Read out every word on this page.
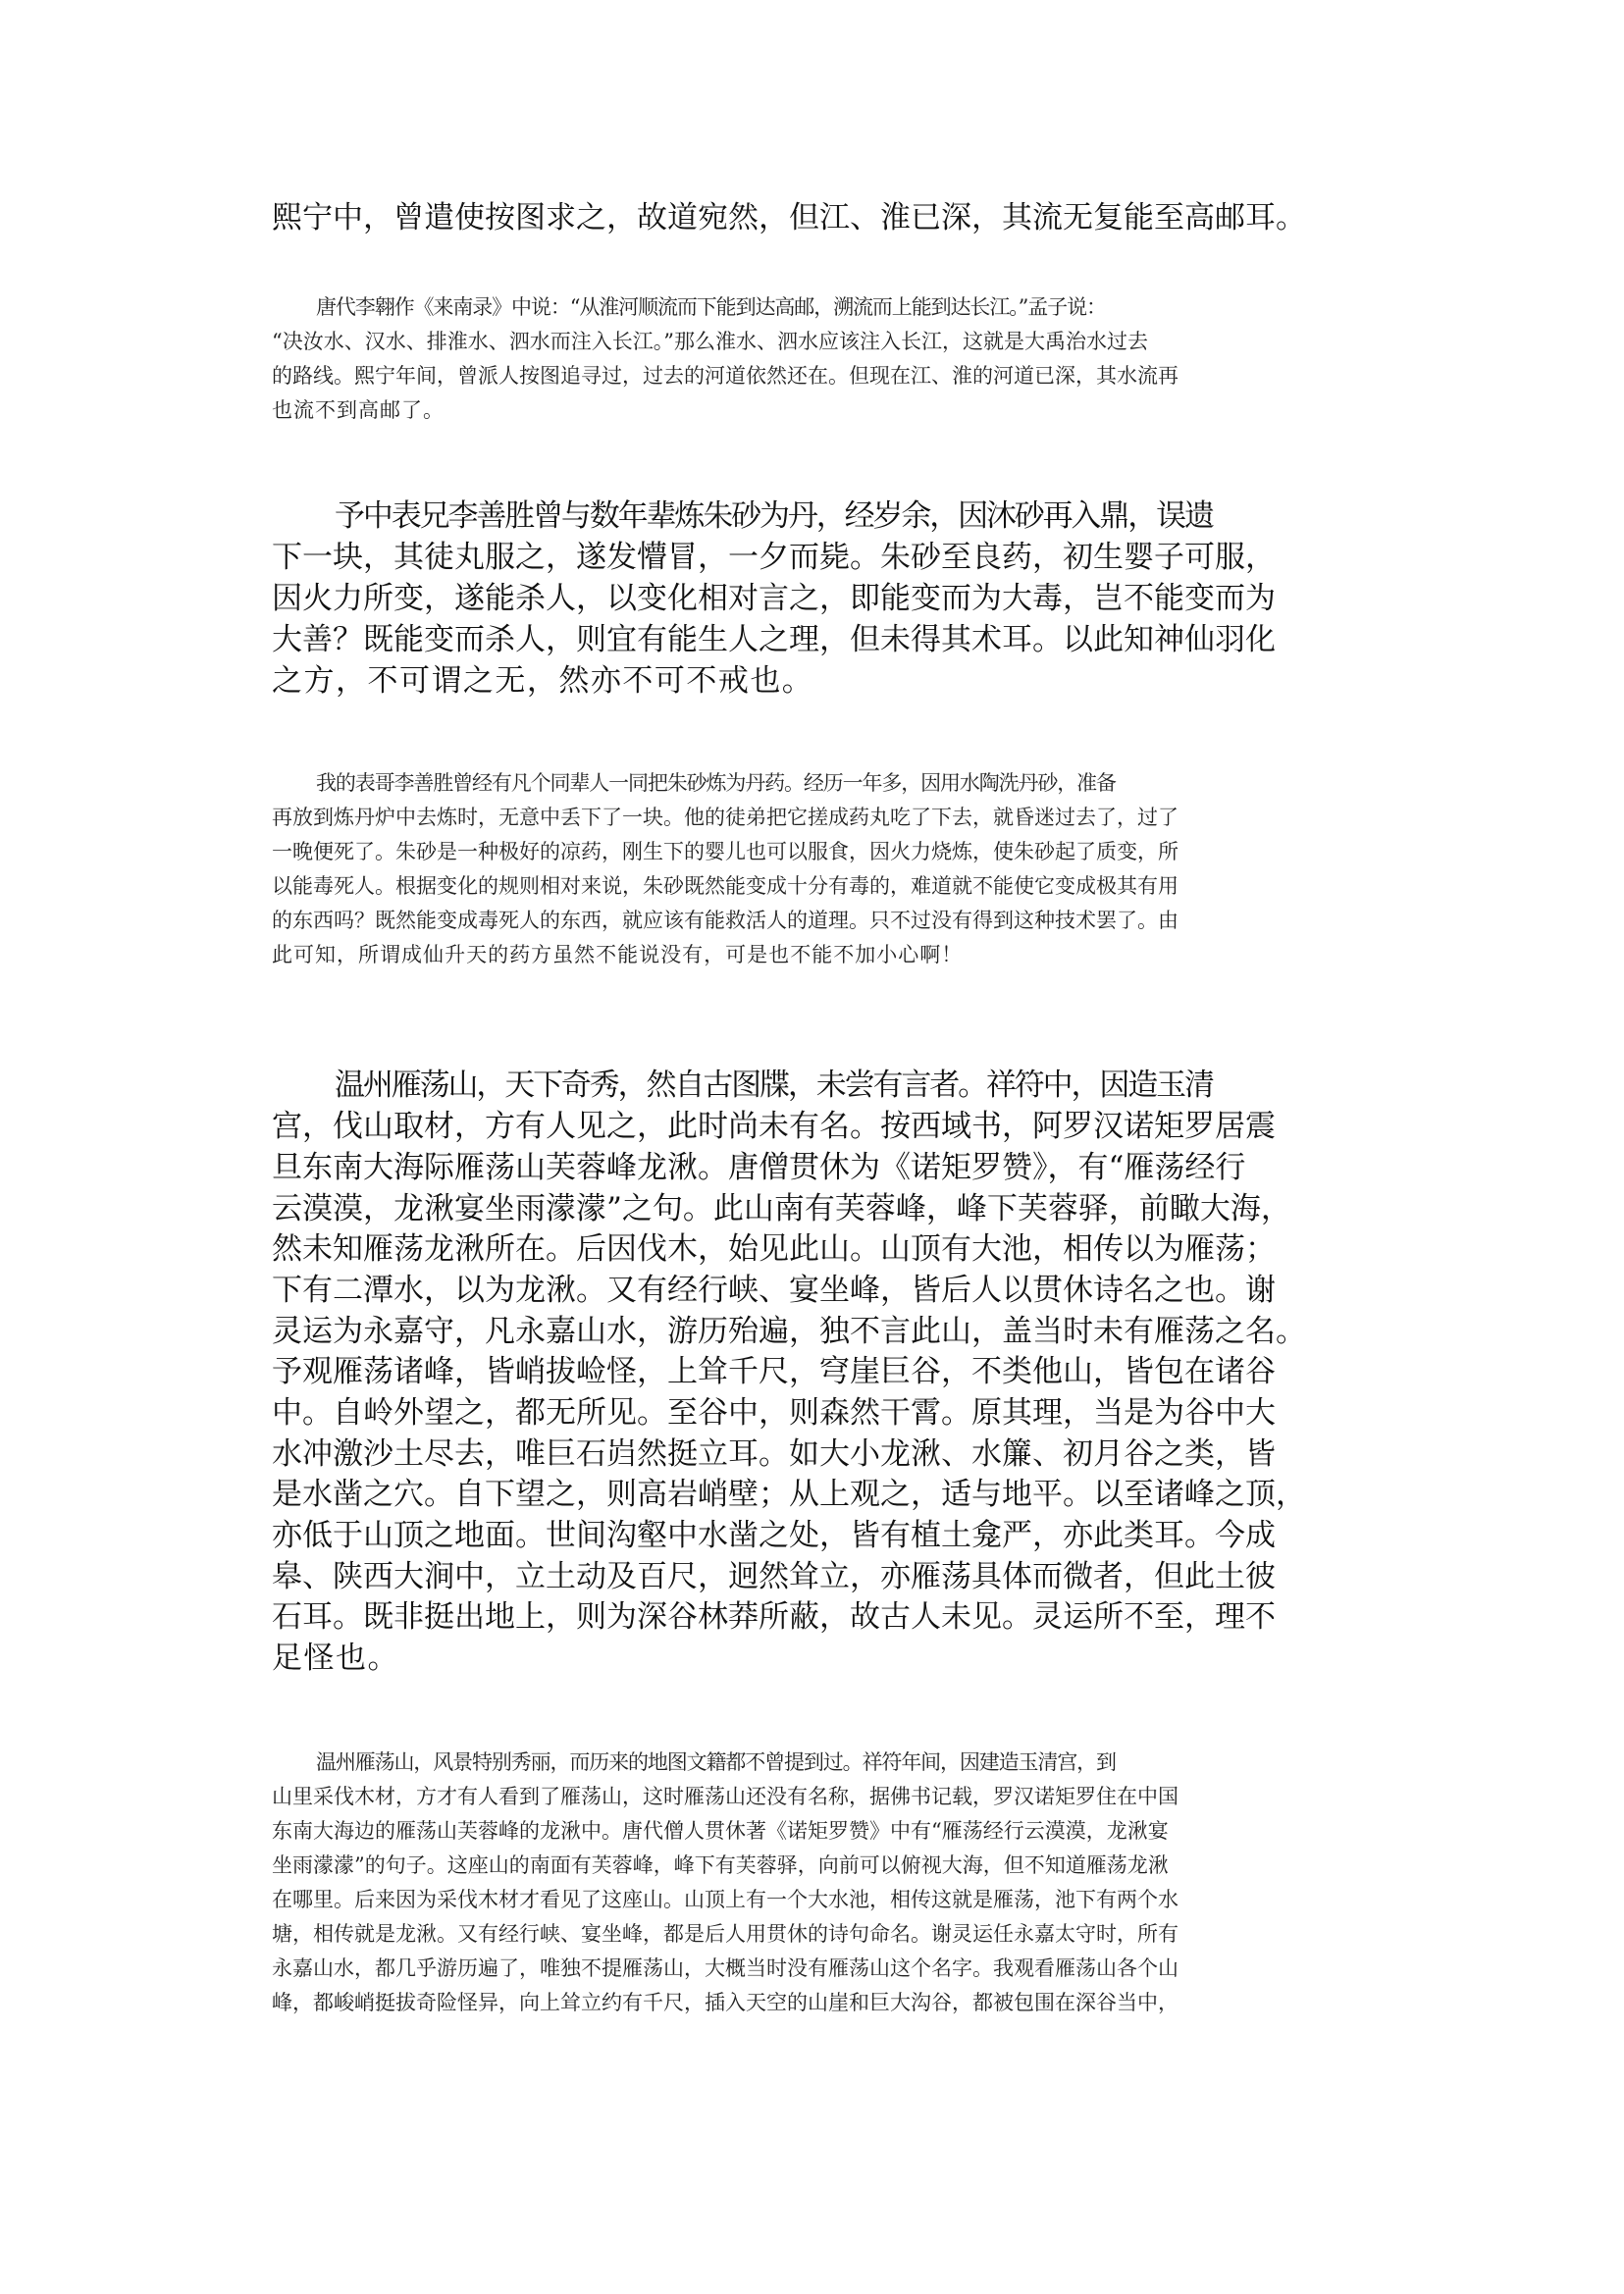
熙宁中，曾遣使按图求之，故道宛然，但江、淮已深，其流无复能至高邮耳。
唐代李翱作《来南录》中说：“从淮河顺流而下能到达高邮，溯流而上能到达长江。”孟子说：
“决汝水、汉水、排淮水、泗水而注入长江。”那么淮水、泗水应该注入长江，这就是大禹治水过去
的路线。熙宁年间，曾派人按图追寻过，过去的河道依然还在。但现在江、淮的河道已深，其水流再
也流不到高邮了。
予中表兄李善胜曾与数年辈炼朱砂为丹，经岁余，因沐砂再入鼎，误遗
下一块，其徒丸服之，遂发懵冒，一夕而毙。朱砂至良药，初生婴子可服，
因火力所变，遂能杀人，以变化相对言之，即能变而为大毒，岂不能变而为
大善？既能变而杀人，则宜有能生人之理，但未得其术耳。以此知神仙羽化
之方，不可谓之无，然亦不可不戒也。
我的表哥李善胜曾经有凡个同辈人一同把朱砂炼为丹药。经历一年多，因用水陶洗丹砂，准备
再放到炼丹炉中去炼时，无意中丢下了一块。他的徒弟把它搓成药丸吃了下去，就昏迷过去了，过了
一晚便死了。朱砂是一种极好的凉药，刚生下的婴儿也可以服食，因火力烧炼，使朱砂起了质变，所
以能毒死人。根据变化的规则相对来说，朱砂既然能变成十分有毒的，难道就不能使它变成极其有用
的东西吗？既然能变成毒死人的东西，就应该有能救活人的道理。只不过没有得到这种技术罢了。由
此可知，所谓成仙升天的药方虽然不能说没有，可是也不能不加小心啊！
温州雁荡山，天下奇秀，然自古图牒，未尝有言者。祥符中，因造玉清
宫，伐山取材，方有人见之，此时尚未有名。按西域书，阿罗汉诺矩罗居震
旦东南大海际雁荡山芙蓉峰龙湫。唐僧贯休为《诺矩罗赞》，有“雁荡经行
云漠漠，龙湫宴坐雨濛濛”之句。此山南有芙蓉峰，峰下芙蓉驿，前瞰大海，
然未知雁荡龙湫所在。后因伐木，始见此山。山顶有大池，相传以为雁荡；
下有二潭水，以为龙湫。又有经行峡、宴坐峰，皆后人以贯休诗名之也。谢
灵运为永嘉守，凡永嘉山水，游历殆遍，独不言此山，盖当时未有雁荡之名。
予观雁荡诸峰，皆峭拔崄怪，上耸千尺，穹崖巨谷，不类他山，皆包在诸谷
中。自岭外望之，都无所见。至谷中，则森然干霄。原其理，当是为谷中大
水冲激沙土尽去，唯巨石岿然挺立耳。如大小龙湫、水簾、初月谷之类，皆
是水凿之穴。自下望之，则高岩峭壁；从上观之，适与地平。以至诸峰之顶，
亦低于山顶之地面。世间沟壑中水凿之处，皆有植土龛严，亦此类耳。今成
皋、陕西大涧中，立土动及百尺，迥然耸立，亦雁荡具体而微者，但此土彼
石耳。既非挺出地上，则为深谷林莽所蔽，故古人未见。灵运所不至，理不
足怪也。
温州雁荡山，风景特别秀丽，而历来的地图文籍都不曾提到过。祥符年间，因建造玉清宫，到
山里采伐木材，方才有人看到了雁荡山，这时雁荡山还没有名称，据佛书记载，罗汉诺矩罗住在中国
东南大海边的雁荡山芙蓉峰的龙湫中。唐代僧人贯休著《诺矩罗赞》中有“雁荡经行云漠漠，龙湫宴
坐雨濛濛”的句子。这座山的南面有芙蓉峰，峰下有芙蓉驿，向前可以俯视大海，但不知道雁荡龙湫
在哪里。后来因为采伐木材才看见了这座山。山顶上有一个大水池，相传这就是雁荡，池下有两个水
塘，相传就是龙湫。又有经行峡、宴坐峰，都是后人用贯休的诗句命名。谢灵运任永嘉太守时，所有
永嘉山水，都几乎游历遍了，唯独不提雁荡山，大概当时没有雁荡山这个名字。我观看雁荡山各个山
峰，都峻峭挺拔奇险怪异，向上耸立约有千尺，插入天空的山崖和巨大沟谷，都被包围在深谷当中，
